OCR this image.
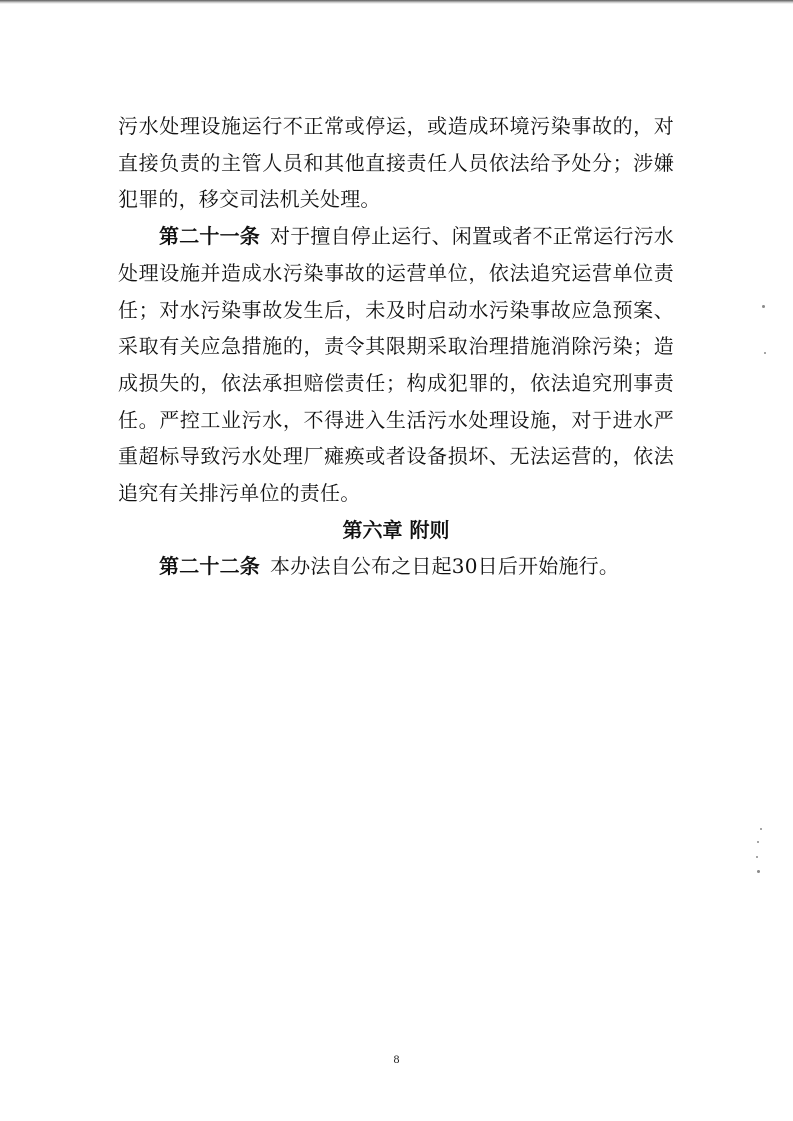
污水处理设施运行不正常或停运，或造成环境污染事故的，对直接负责的主管人员和其他直接责任人员依法给予处分；涉嫌犯罪的，移交司法机关处理。

第二十一条 对于擅自停止运行、闲置或者不正常运行污水处理设施并造成水污染事故的运营单位，依法追究运营单位责任；对水污染事故发生后，未及时启动水污染事故应急预案、采取有关应急措施的，责令其限期采取治理措施消除污染；造成损失的，依法承担赔偿责任；构成犯罪的，依法追究刑事责任。严控工业污水，不得进入生活污水处理设施，对于进水严重超标导致污水处理厂瘫痪或者设备损坏、无法运营的，依法追究有关排污单位的责任。

第六章 附则

第二十二条 本办法自公布之日起30日后开始施行。

8
